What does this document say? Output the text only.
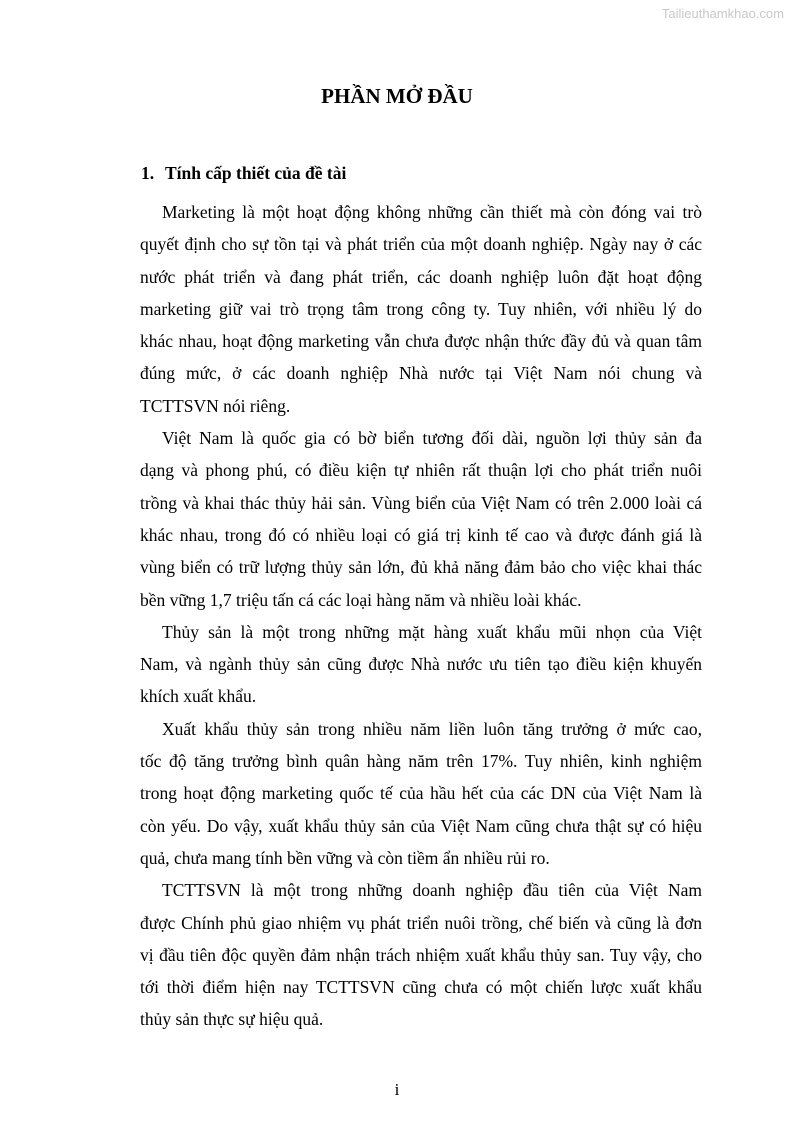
Tailieuthamkhao.com
PHẦN MỞ ĐẦU
1. Tính cấp thiết của đề tài
Marketing là một hoạt động không những cần thiết mà còn đóng vai trò
quyết định cho sự tồn tại và phát triển của một doanh nghiệp. Ngày nay ở các
nước phát triển và đang phát triển, các doanh nghiệp luôn đặt hoạt động
marketing giữ vai trò trọng tâm trong công ty. Tuy nhiên, với nhiều lý do
khác nhau, hoạt động marketing vẫn chưa được nhận thức đầy đủ và quan tâm
đúng mức, ở các doanh nghiệp Nhà nước tại Việt Nam nói chung và
TCTTSVN nói riêng.
Việt Nam là quốc gia có bờ biển tương đối dài, nguồn lợi thủy sản đa
dạng và phong phú, có điều kiện tự nhiên rất thuận lợi cho phát triển nuôi
trồng và khai thác thủy hải sản. Vùng biển của Việt Nam có trên 2.000 loài cá
khác nhau, trong đó có nhiều loại có giá trị kinh tế cao và được đánh giá là
vùng biển có trữ lượng thủy sản lớn, đủ khả năng đảm bảo cho việc khai thác
bền vững 1,7 triệu tấn cá các loại hàng năm và nhiều loài khác.
Thủy sản là một trong những mặt hàng xuất khẩu mũi nhọn của Việt
Nam, và ngành thủy sản cũng được Nhà nước ưu tiên tạo điều kiện khuyến
khích xuất khẩu.
Xuất khẩu thủy sản trong nhiều năm liền luôn tăng trưởng ở mức cao,
tốc độ tăng trưởng bình quân hàng năm trên 17%. Tuy nhiên, kinh nghiệm
trong hoạt động marketing quốc tế của hầu hết của các DN của Việt Nam là
còn yếu. Do vậy, xuất khẩu thủy sản của Việt Nam cũng chưa thật sự có hiệu
quả, chưa mang tính bền vững và còn tiềm ẩn nhiều rủi ro.
TCTTSVN là một trong những doanh nghiệp đầu tiên của Việt Nam
được Chính phủ giao nhiệm vụ phát triển nuôi trồng, chế biến và cũng là đơn
vị đầu tiên độc quyền đảm nhận trách nhiệm xuất khẩu thủy san. Tuy vậy, cho
tới thời điểm hiện nay TCTTSVN cũng chưa có một chiến lược xuất khẩu
thủy sản thực sự hiệu quả.
i
